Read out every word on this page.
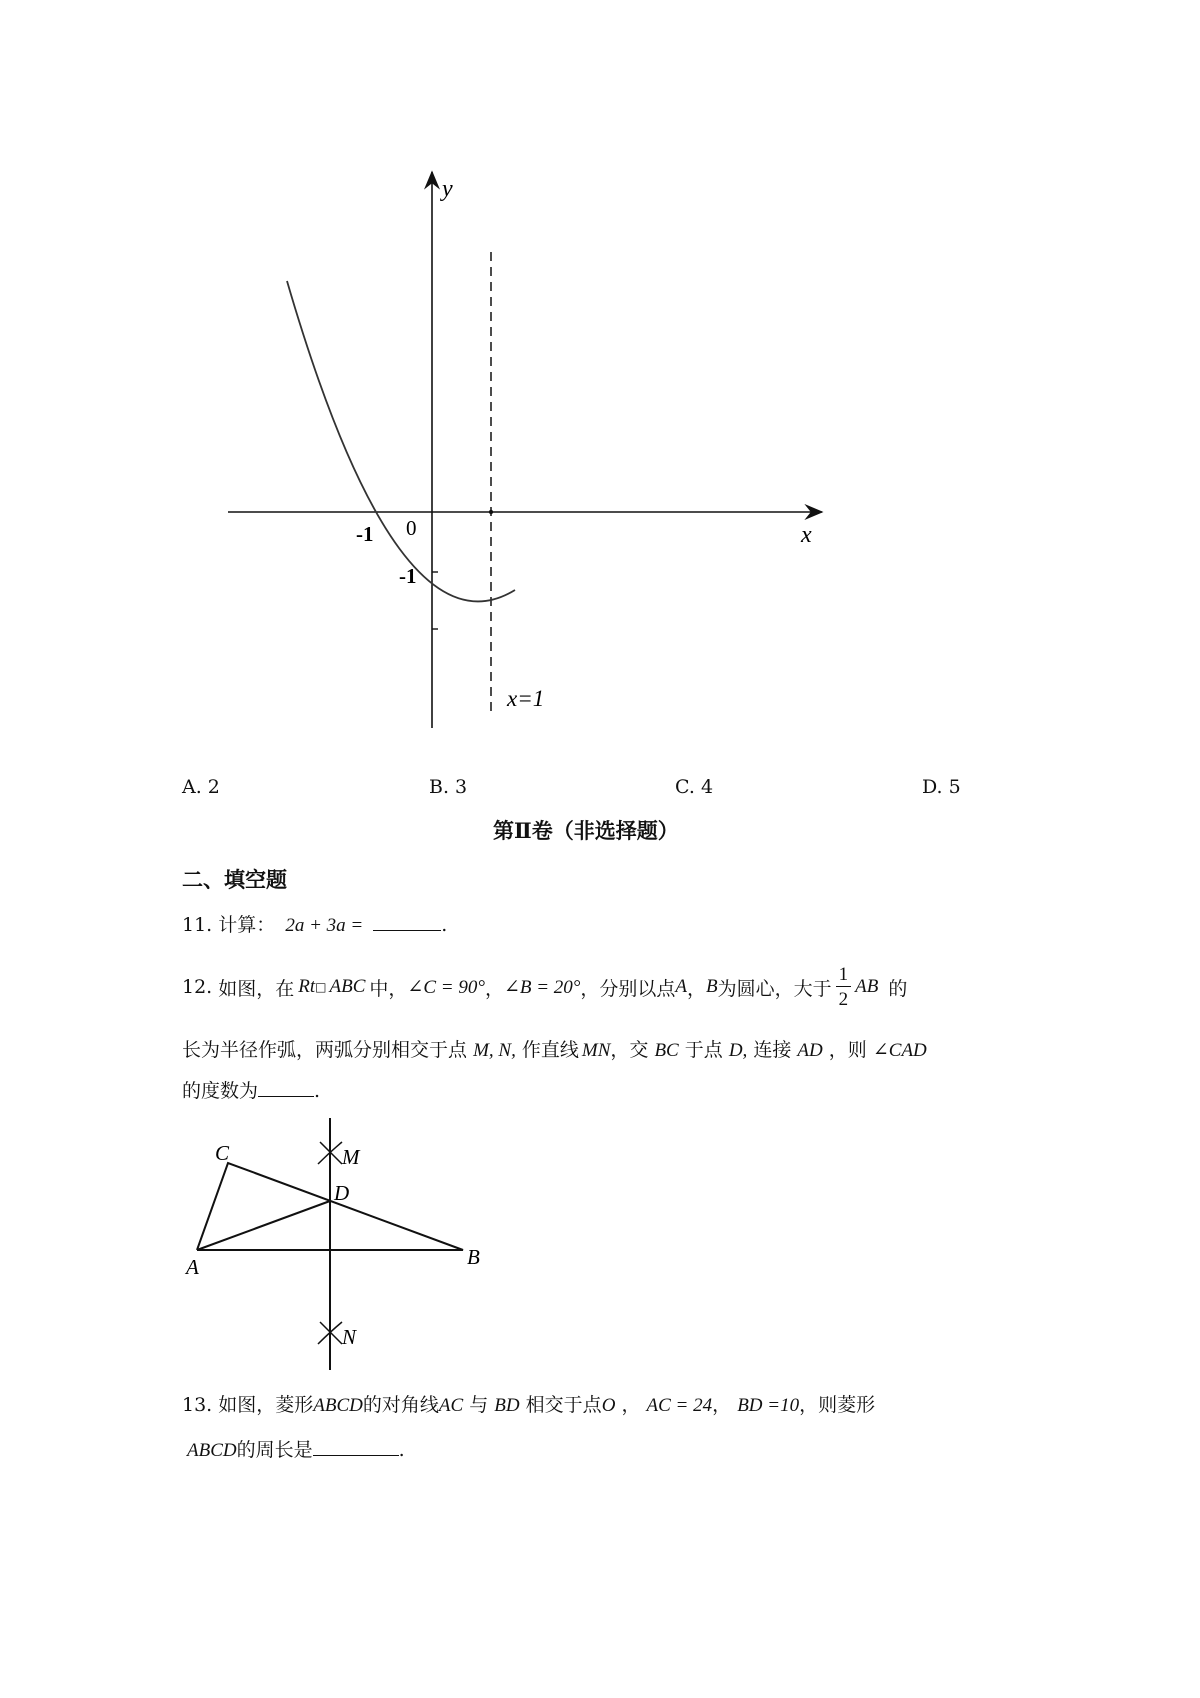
y
x
0
-1
-1
x=1
A. 2	B. 3	C. 4	D. 5
第Ⅱ卷（非选择题）
二、填空题
11. 计算： 2a + 3a =	.
12.
如图，在 Rt □ ABC 中， ∠C = 90° ， ∠B = 20° ，分别以点 A ， B 为圆心，大于 $\frac{1}{2}$ AB 的
长为半径作弧，两弧分别相交于点 M, N, 作直线 MN，交 BC 于点 D, 连接 AD ，则 ∠CAD
的度数为	.
C
A	B
D
M
N
13. 如图，菱形ABCD的对角线AC 与 BD 相交于点O ， AC = 24， BD =10，则菱形
ABCD的周长是	.
